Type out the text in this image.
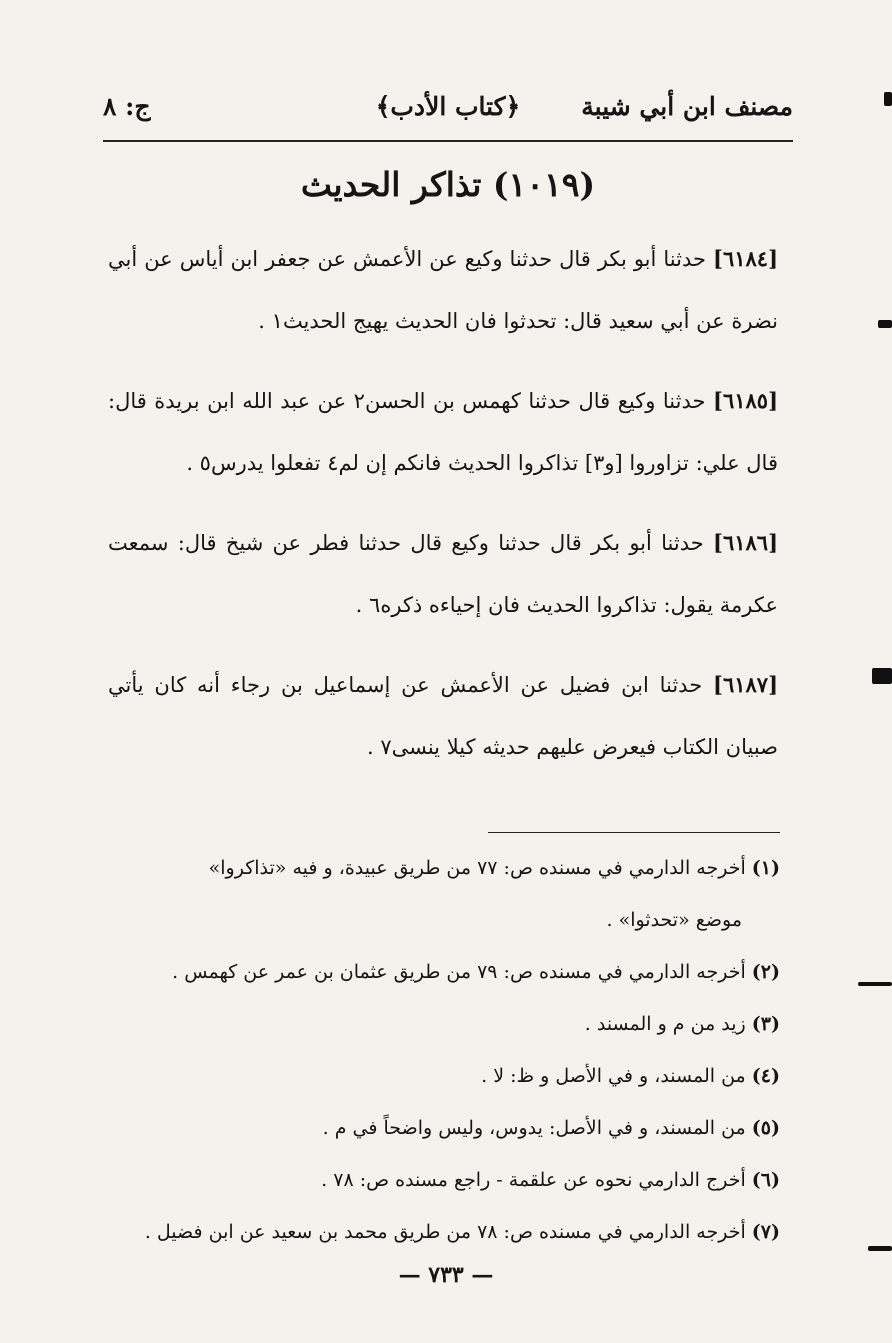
مصنف ابن أبي شيبة
﴿كتاب الأدب﴾
ج: ٨
(١٠١٩) تذاكر الحديث

[٦١٨٤] حدثنا أبو بكر قال حدثنا وكيع عن الأعمش عن جعفر ابن أياس عن أبي نضرة عن أبي سعيد قال: تحدثوا فان الحديث يهيج الحديث١ .

[٦١٨٥] حدثنا وكيع قال حدثنا كهمس بن الحسن٢ عن عبد الله ابن بريدة قال: قال علي: تزاوروا [و٣] تذاكروا الحديث فانكم إن لم٤ تفعلوا يدرس٥ .

[٦١٨٦] حدثنا أبو بكر قال حدثنا وكيع قال حدثنا فطر عن شيخ قال: سمعت عكرمة يقول: تذاكروا الحديث فان إحياءه ذكره٦ .

[٦١٨٧] حدثنا ابن فضيل عن الأعمش عن إسماعيل بن رجاء أنه كان يأتي صبيان الكتاب فيعرض عليهم حديثه كيلا ينسى٧ .

(١) أخرجه الدارمي في مسنده ص: ٧٧ من طريق عبيدة، و فيه «تذاكروا»
موضع «تحدثوا» .
(٢) أخرجه الدارمي في مسنده ص: ٧٩ من طريق عثمان بن عمر عن كهمس .
(٣) زيد من م و المسند .
(٤) من المسند، و في الأصل و ظ: لا .
(٥) من المسند، و في الأصل: يدوس، وليس واضحاً في م .
(٦) أخرج الدارمي نحوه عن علقمة - راجع مسنده ص: ٧٨ .
(٧) أخرجه الدارمي في مسنده ص: ٧٨ من طريق محمد بن سعيد عن ابن فضيل .
— ٧٣٣ —
